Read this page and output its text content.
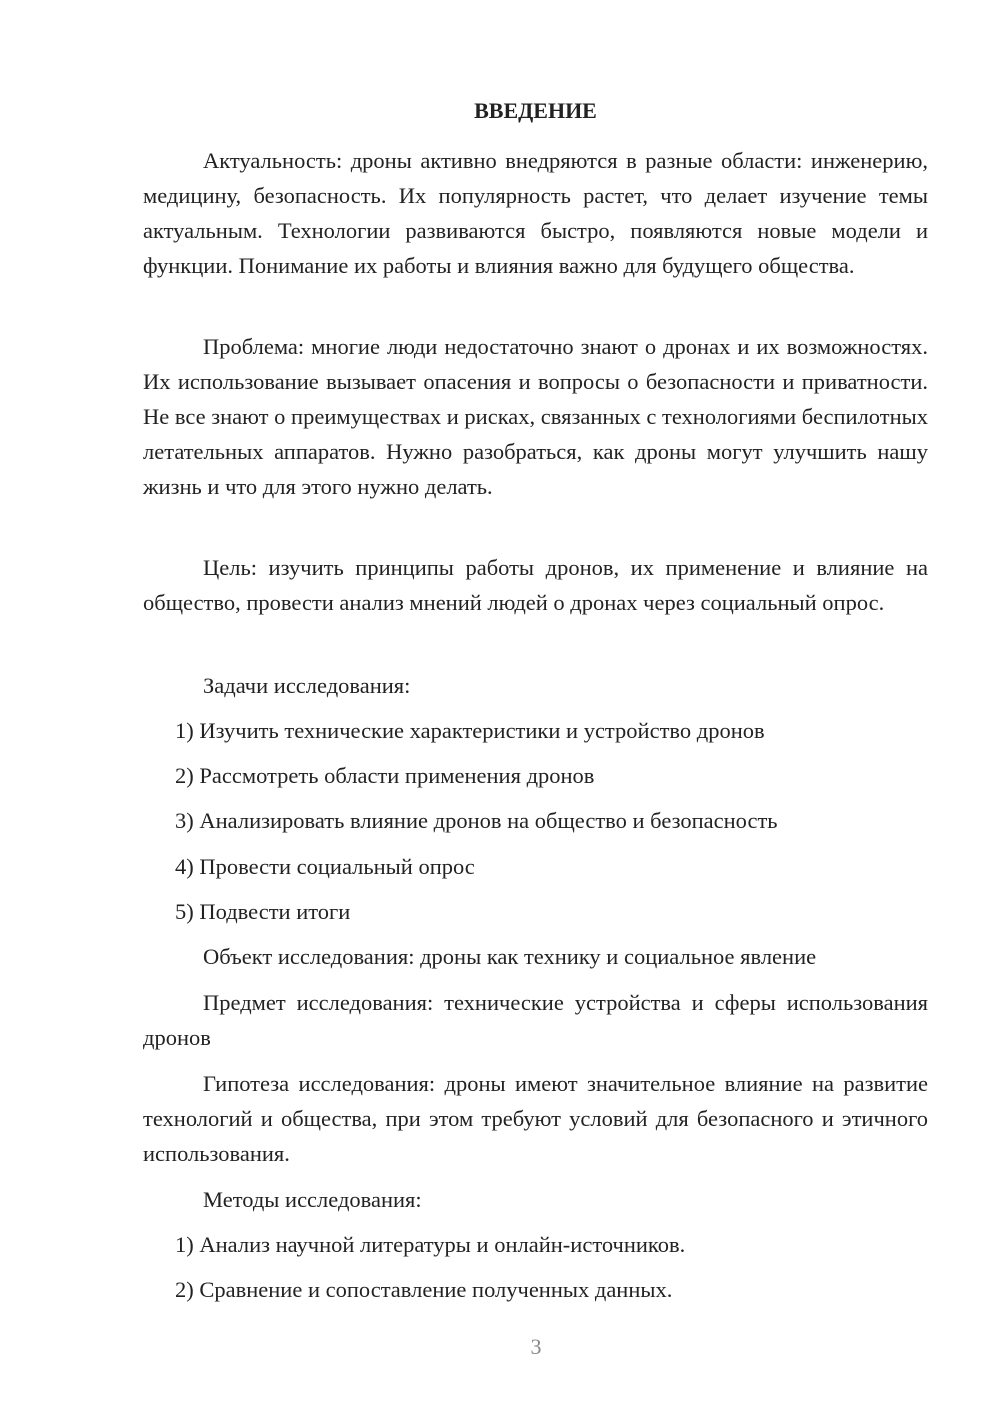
ВВЕДЕНИЕ

Актуальность: дроны активно внедряются в разные области: инженерию, медицину, безопасность. Их популярность растет, что делает изучение темы актуальным. Технологии развиваются быстро, появляются новые модели и функции. Понимание их работы и влияния важно для будущего общества.

Проблема: многие люди недостаточно знают о дронах и их возможностях. Их использование вызывает опасения и вопросы о безопасности и приватности. Не все знают о преимуществах и рисках, связанных с технологиями беспилотных летательных аппаратов. Нужно разобраться, как дроны могут улучшить нашу жизнь и что для этого нужно делать.

Цель: изучить принципы работы дронов, их применение и влияние на общество, провести анализ мнений людей о дронах через социальный опрос.

Задачи исследования:

1) Изучить технические характеристики и устройство дронов

2) Рассмотреть области применения дронов

3) Анализировать влияние дронов на общество и безопасность

4) Провести социальный опрос

5) Подвести итоги

Объект исследования: дроны как технику и социальное явление

Предмет исследования: технические устройства и сферы использования дронов

Гипотеза исследования: дроны имеют значительное влияние на развитие технологий и общества, при этом требуют условий для безопасного и этичного использования.

Методы исследования:

1) Анализ научной литературы и онлайн-источников.

2) Сравнение и сопоставление полученных данных.

3
